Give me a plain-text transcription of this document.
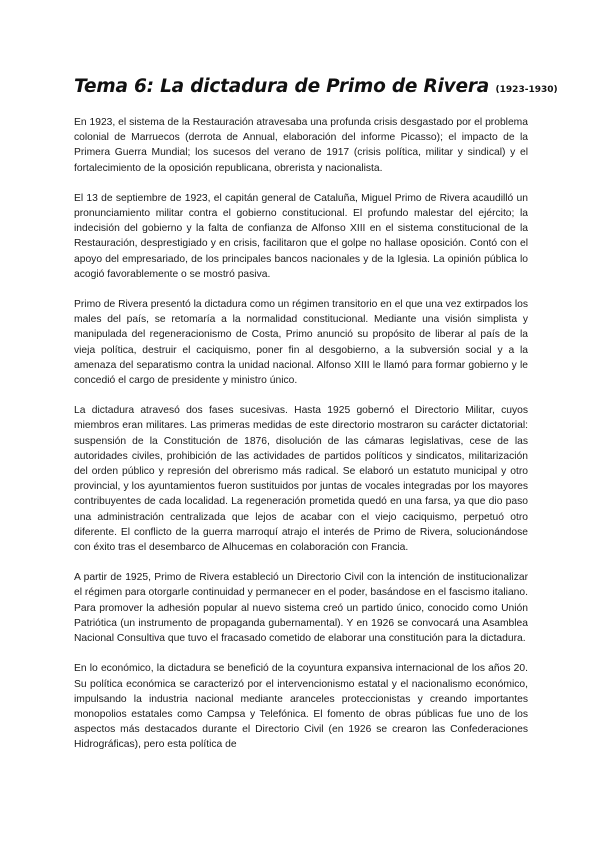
Tema 6: La dictadura de Primo de Rivera (1923-1930)

En 1923, el sistema de la Restauración atravesaba una profunda crisis desgastado por el problema colonial de Marruecos (derrota de Annual, elaboración del informe Picasso); el impacto de la Primera Guerra Mundial; los sucesos del verano de 1917 (crisis política, militar y sindical) y el fortalecimiento de la oposición republicana, obrerista y nacionalista.

El 13 de septiembre de 1923, el capitán general de Cataluña, Miguel Primo de Rivera acaudilló un pronunciamiento militar contra el gobierno constitucional. El profundo malestar del ejército; la indecisión del gobierno y la falta de confianza de Alfonso XIII en el sistema constitucional de la Restauración, desprestigiado y en crisis, facilitaron que el golpe no hallase oposición. Contó con el apoyo del empresariado, de los principales bancos nacionales y de la Iglesia. La opinión pública lo acogió favorablemente o se mostró pasiva.

Primo de Rivera presentó la dictadura como un régimen transitorio en el que una vez extirpados los males del país, se retomaría a la normalidad constitucional. Mediante una visión simplista y manipulada del regeneracionismo de Costa, Primo anunció su propósito de liberar al país de la vieja política, destruir el caciquismo, poner fin al desgobierno, a la subversión social y a la amenaza del separatismo contra la unidad nacional. Alfonso XIII le llamó para formar gobierno y le concedió el cargo de presidente y ministro único.

La dictadura atravesó dos fases sucesivas. Hasta 1925 gobernó el Directorio Militar, cuyos miembros eran militares. Las primeras medidas de este directorio mostraron su carácter dictatorial: suspensión de la Constitución de 1876, disolución de las cámaras legislativas, cese de las autoridades civiles, prohibición de las actividades de partidos políticos y sindicatos, militarización del orden público y represión del obrerismo más radical. Se elaboró un estatuto municipal y otro provincial, y los ayuntamientos fueron sustituidos por juntas de vocales integradas por los mayores contribuyentes de cada localidad. La regeneración prometida quedó en una farsa, ya que dio paso una administración centralizada que lejos de acabar con el viejo caciquismo, perpetuó otro diferente. El conflicto de la guerra marroquí atrajo el interés de Primo de Rivera, solucionándose con éxito tras el desembarco de Alhucemas en colaboración con Francia.

A partir de 1925, Primo de Rivera estableció un Directorio Civil con la intención de institucionalizar el régimen para otorgarle continuidad y permanecer en el poder, basándose en el fascismo italiano. Para promover la adhesión popular al nuevo sistema creó un partido único, conocido como Unión Patriótica (un instrumento de propaganda gubernamental). Y en 1926 se convocará una Asamblea Nacional Consultiva que tuvo el fracasado cometido de elaborar una constitución para la dictadura.

En lo económico, la dictadura se benefició de la coyuntura expansiva internacional de los años 20. Su política económica se caracterizó por el intervencionismo estatal y el nacionalismo económico, impulsando la industria nacional mediante aranceles proteccionistas y creando importantes monopolios estatales como Campsa y Telefónica. El fomento de obras públicas fue uno de los aspectos más destacados durante el Directorio Civil (en 1926 se crearon las Confederaciones Hidrográficas), pero esta política de
